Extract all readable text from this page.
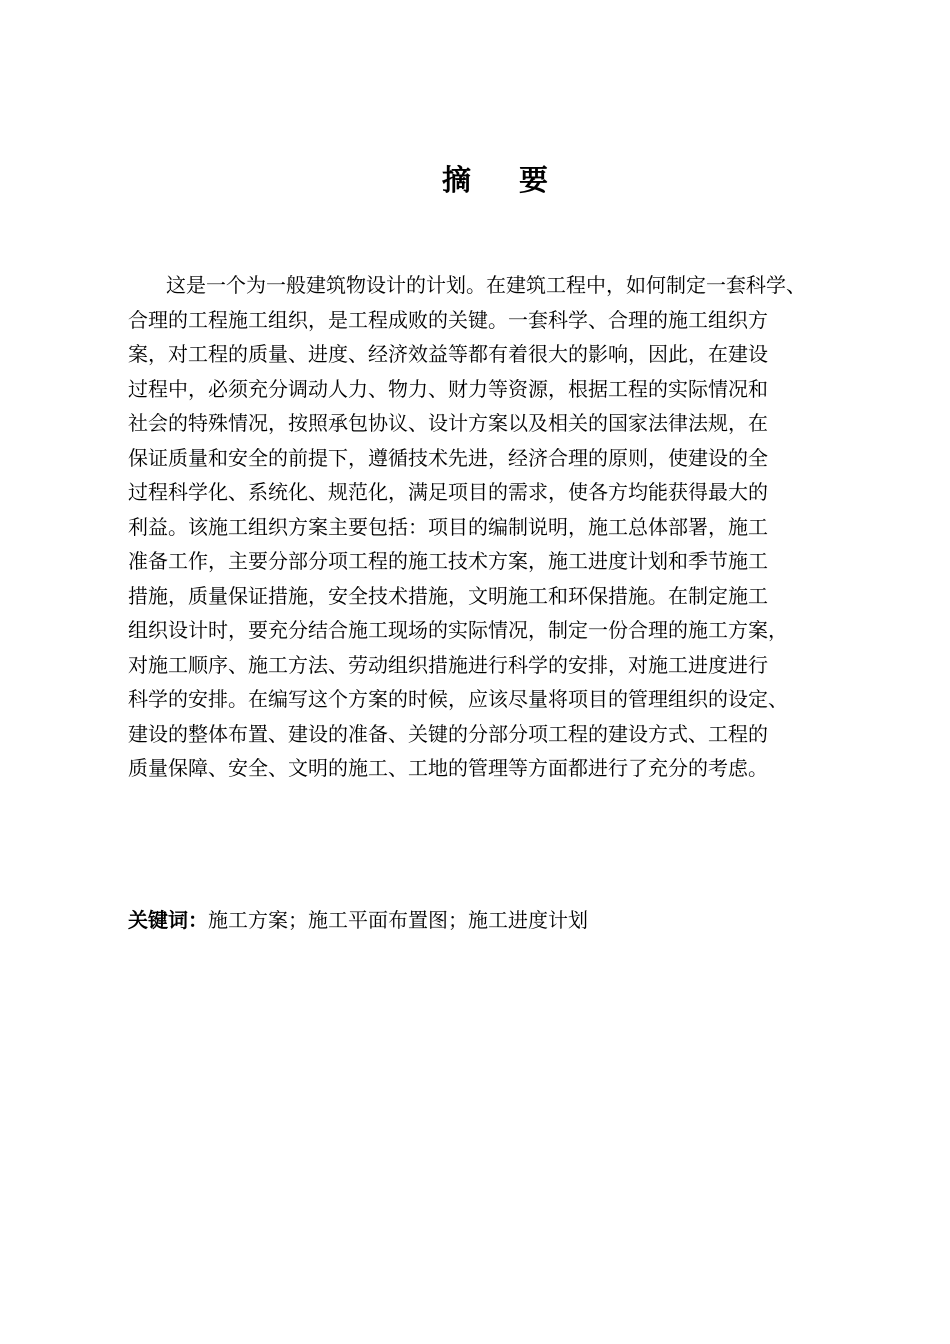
摘 要
这是一个为一般建筑物设计的计划。在建筑工程中，如何制定一套科学、
合理的工程施工组织，是工程成败的关键。一套科学、合理的施工组织方
案，对工程的质量、进度、经济效益等都有着很大的影响，因此，在建设
过程中，必须充分调动人力、物力、财力等资源，根据工程的实际情况和
社会的特殊情况，按照承包协议、设计方案以及相关的国家法律法规，在
保证质量和安全的前提下，遵循技术先进，经济合理的原则，使建设的全
过程科学化、系统化、规范化，满足项目的需求，使各方均能获得最大的
利益。该施工组织方案主要包括：项目的编制说明，施工总体部署，施工
准备工作，主要分部分项工程的施工技术方案，施工进度计划和季节施工
措施，质量保证措施，安全技术措施，文明施工和环保措施。在制定施工
组织设计时，要充分结合施工现场的实际情况，制定一份合理的施工方案，
对施工顺序、施工方法、劳动组织措施进行科学的安排，对施工进度进行
科学的安排。在编写这个方案的时候，应该尽量将项目的管理组织的设定、
建设的整体布置、建设的准备、关键的分部分项工程的建设方式、工程的
质量保障、安全、文明的施工、工地的管理等方面都进行了充分的考虑。
关键词：施工方案；施工平面布置图；施工进度计划
